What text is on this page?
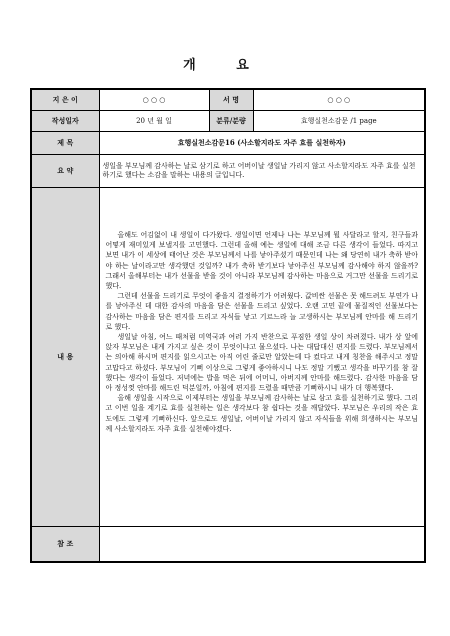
개 요
지 은 이	○ ○ ○	서 명	○ ○ ○
작성일자	20 년 월 일	분류/분량	효행실천소감문 /1 page
제 목	효행실천소감문16 (사소할지라도 자주 효를 실천하자)		
요 약	생일을 부모님께 감사하는 날로 삼기로 하고 어버이날 생일날 가리지 않고 사소할지라도 자주 효를 실천하기로 했다는 소감을 말하는 내용의 글입니다.		
내 용	올해도 어김없이 내 생일이 다가왔다. 생일이면 언제나 나는 부모님께 뭘 사달라고 할지, 친구들과 어떻게 재미있게 보낼지를 고민했다. 그런데 올해 예는 생일에 대해 조금 다른 생각이 들었다. 따지고 보면 내가 이 세상에 태어난 것은 부모님께서 나를 낳아주셨기 때문인데 나는 왜 당연히 내가 축하 받아야 하는 날이라고만 생각했던 것일까? 내가 축하 받기보다 낳아주신 부모님께 감사해야 하지 않을까? 그래서 올해부터는 내가 선물을 받을 것이 아니라 부모님께 감사하는 마음으로 거그만 선물을 드리기로 했다.

그런데 선물을 드리기로 무엇이 좋을지 결정하기가 어려웠다. 값비싼 선물은 못 해드려도 부연가 나를 낳아주신 데 대한 감사의 마음을 담은 선물을 드리고 싶었다. 오랜 고민 끝에 물질적인 선물보다는 감사하는 마음을 담은 편지를 드리고 자식들 낳고 기르느라 늘 고생하시는 부모님께 안마를 해 드리기로 했다.

생일날 아침, 여느 때처럼 미역국과 여러 가지 반찬으로 푸짐한 생일 상이 차려졌다. 내가 상 앞에 앉자 부모님은 내게 가지고 싶은 것이 무엇이냐고 물으셨다. 나는 대답대신 편지를 드렸다. 부모님께서는 의아해 하시며 편지를 읽으시고는 아직 어린 줄로만 알았는데 다 컸다고 내게 칭찬을 해주시고 정말 고맙다고 하셨다. 부모님이 기뻐 이상으로 그렇게 좋아하시니 나도 정말 기뻤고 생각을 바꾸기를 참 잘했다는 생각이 들었다. 저녁에는 밥을 먹은 뒤에 어머니, 아버지께 안마를 해드렸다. 감사한 마음을 담아 정성껏 안마를 해드린 덕분일까, 아침에 편지를 드렸을 때만큼 기뻐하시니 내가 더 행복했다.

올해 생일을 시작으로 이제부터는 생일을 부모님께 감사하는 날로 삼고 효를 실천하기로 했다. 그리고 이번 일을 계기로 효를 실천하는 일은 생각보다 참 쉽다는 것을 깨달았다. 부모님은 우리의 작은 효도에도 그렇게 기뻐하신다. 앞으로도 생일날, 어버이날 가리지 않고 자식들을 위해 희생하시는 부모님께 사소할지라도 자주 효를 실천해야겠다.		

참 조			
